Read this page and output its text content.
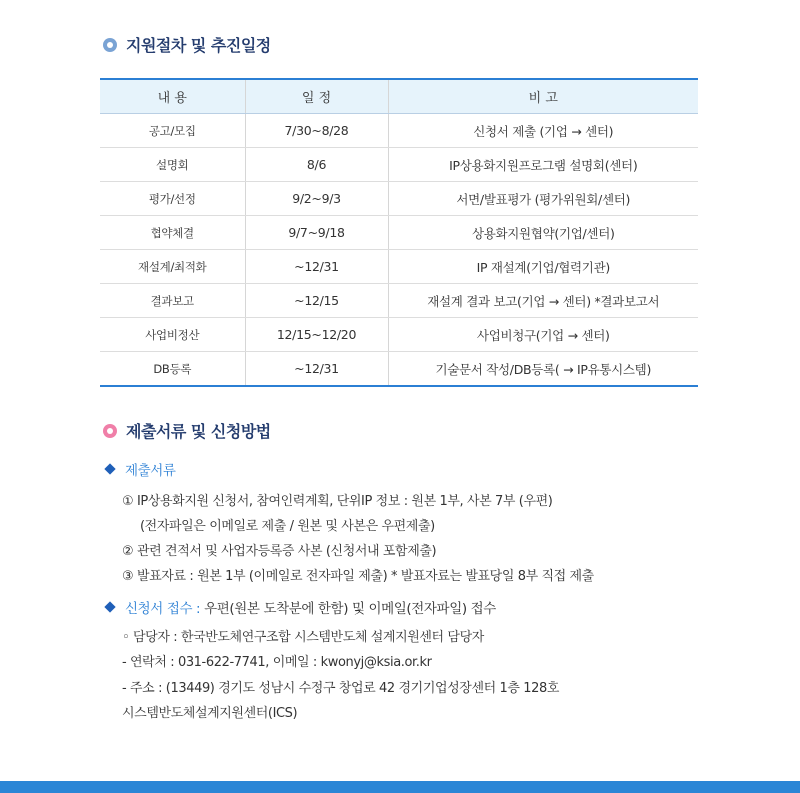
지원절차 및 추진일정
내 용	일 정	비 고
공고/모집	7/30~8/28	신청서 제출 (기업 → 센터)
설명회	8/6	IP상용화지원프로그램 설명회(센터)
평가/선정	9/2~9/3	서면/발표평가 (평가위원회/센터)
협약체결	9/7~9/18	상용화지원협약(기업/센터)
재설계/최적화	~12/31	IP 재설계(기업/협력기관)
결과보고	~12/15	재설계 결과 보고(기업 → 센터) *결과보고서
사업비정산	12/15~12/20	사업비청구(기업 → 센터)
DB등록	~12/31	기술문서 작성/DB등록( → IP유통시스템)
제출서류 및 신청방법
제출서류
① IP상용화지원 신청서, 참여인력계획, 단위IP 정보 : 원본 1부, 사본 7부 (우편)
(전자파일은 이메일로 제출 / 원본 및 사본은 우편제출)
② 관련 견적서 및 사업자등록증 사본 (신청서내 포함제출)
③ 발표자료 : 원본 1부 (이메일로 전자파일 제출) * 발표자료는 발표당일 8부 직접 제출
신청서 접수 : 우편(원본 도착분에 한함) 및 이메일(전자파일) 접수
◦ 담당자 : 한국반도체연구조합 시스템반도체 설계지원센터 담당자
- 연락처 : 031-622-7741, 이메일 : kwonyj@ksia.or.kr
- 주소 : (13449) 경기도 성남시 수정구 창업로 42 경기기업성장센터 1층 128호
시스템반도체설계지원센터(ICS)
